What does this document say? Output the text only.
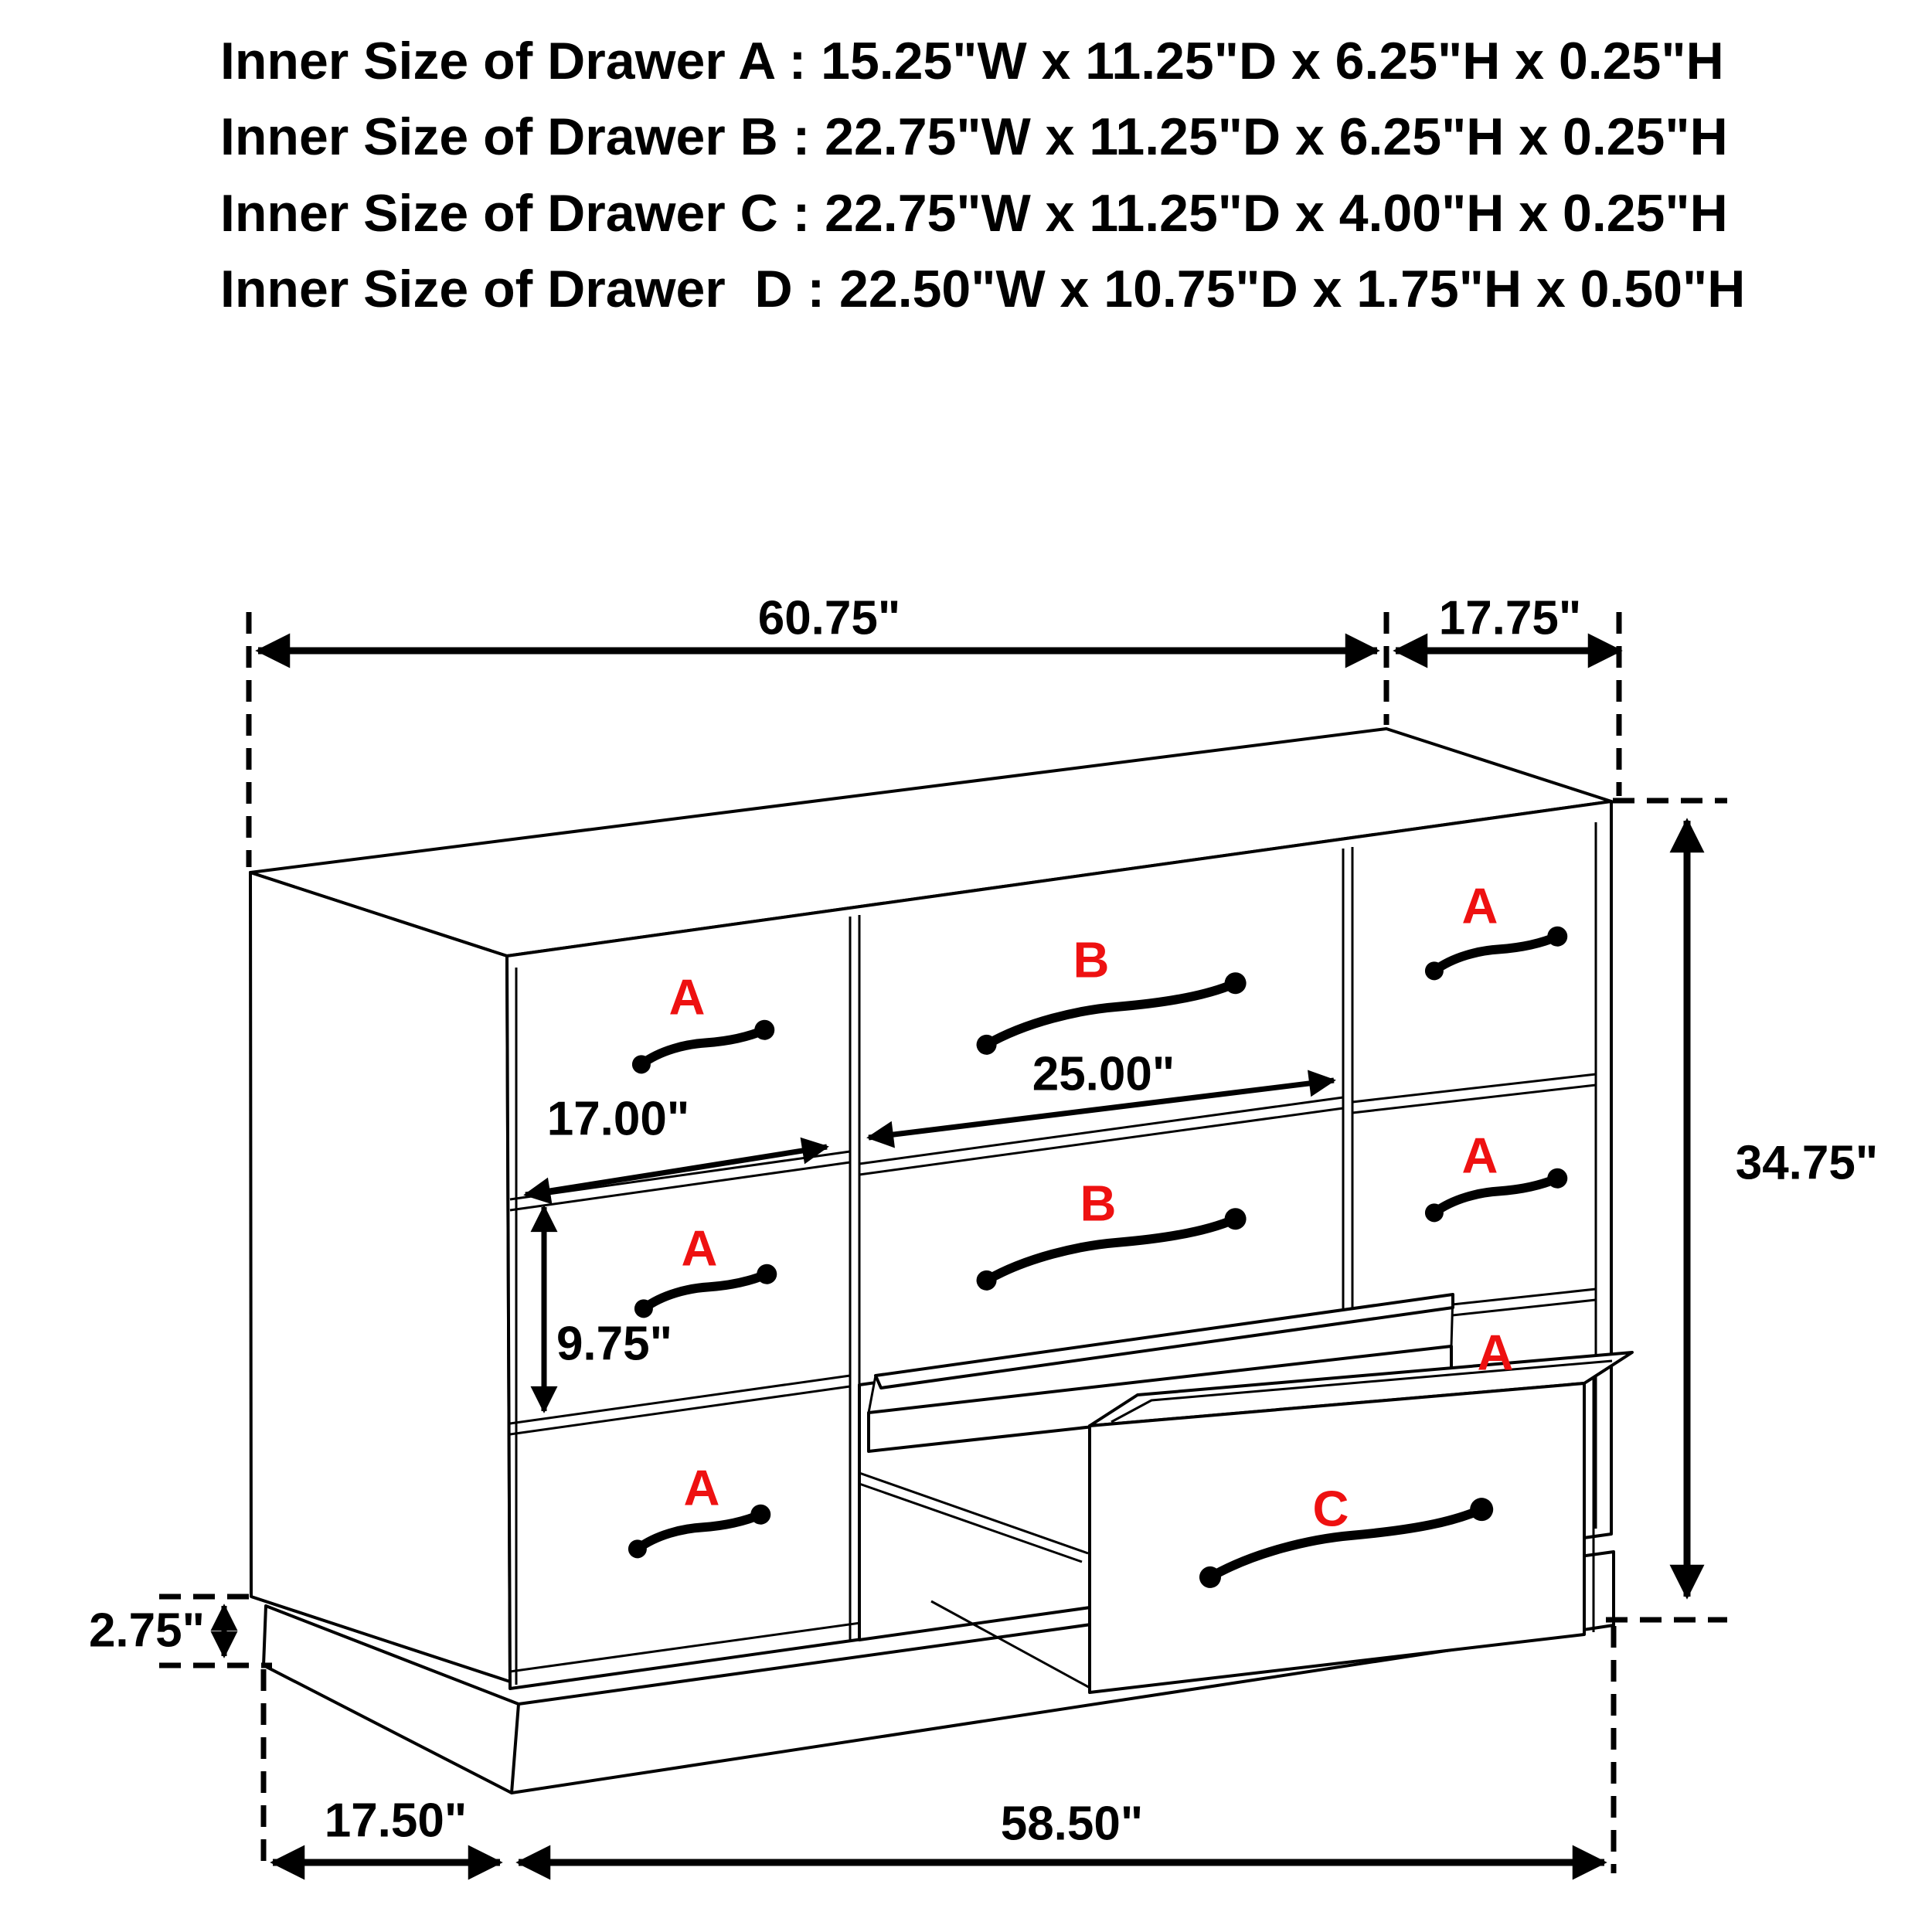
Inner Size of Drawer A : 15.25"W x 11.25"D x 6.25"H x 0.25"H
Inner Size of Drawer B : 22.75"W x 11.25"D x 6.25"H x 0.25"H
Inner Size of Drawer C : 22.75"W x 11.25"D x 4.00"H x 0.25"H
Inner Size of Drawer  D : 22.50"W x 10.75"D x 1.75"H x 0.50"H
C
A
A
A
B
B
A
A
A
60.75"	17.75"
34.75"
17.00"
25.00"
9.75"
2.75"
17.50"	58.50"
